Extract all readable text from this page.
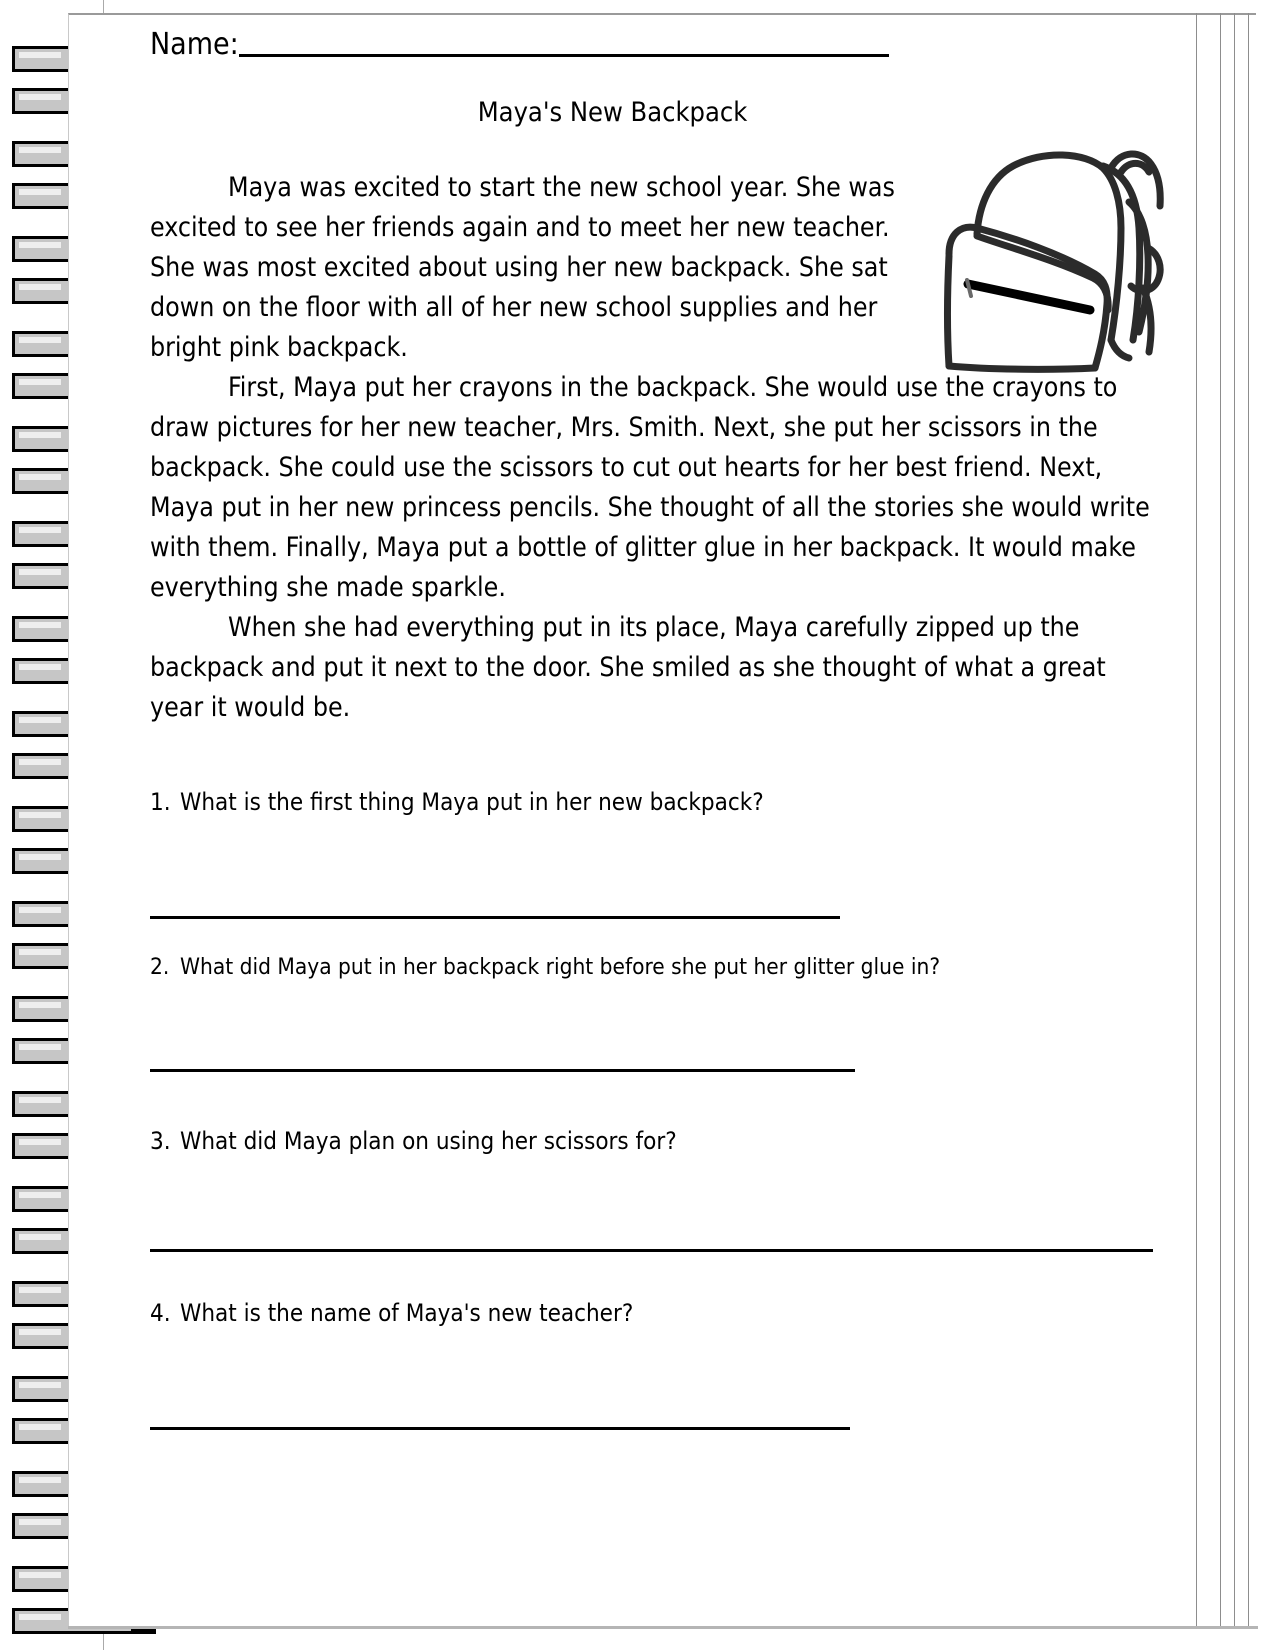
Name:
Maya's New Backpack

Maya was excited to start the new school year. She was excited to see her friends again and to meet her new teacher. She was most excited about using her new backpack. She sat down on the floor with all of her new school supplies and her bright pink backpack.

First, Maya put her crayons in the backpack. She would use the crayons to draw pictures for her new teacher, Mrs. Smith. Next, she put her scissors in the backpack. She could use the scissors to cut out hearts for her best friend. Next, Maya put in her new princess pencils. She thought of all the stories she would write with them. Finally, Maya put a bottle of glitter glue in her backpack. It would make everything she made sparkle.

When she had everything put in its place, Maya carefully zipped up the backpack and put it next to the door. She smiled as she thought of what a great year it would be.

1. What is the first thing Maya put in her new backpack?
2. What did Maya put in her backpack right before she put her glitter glue in?
3. What did Maya plan on using her scissors for?
4. What is the name of Maya's new teacher?
